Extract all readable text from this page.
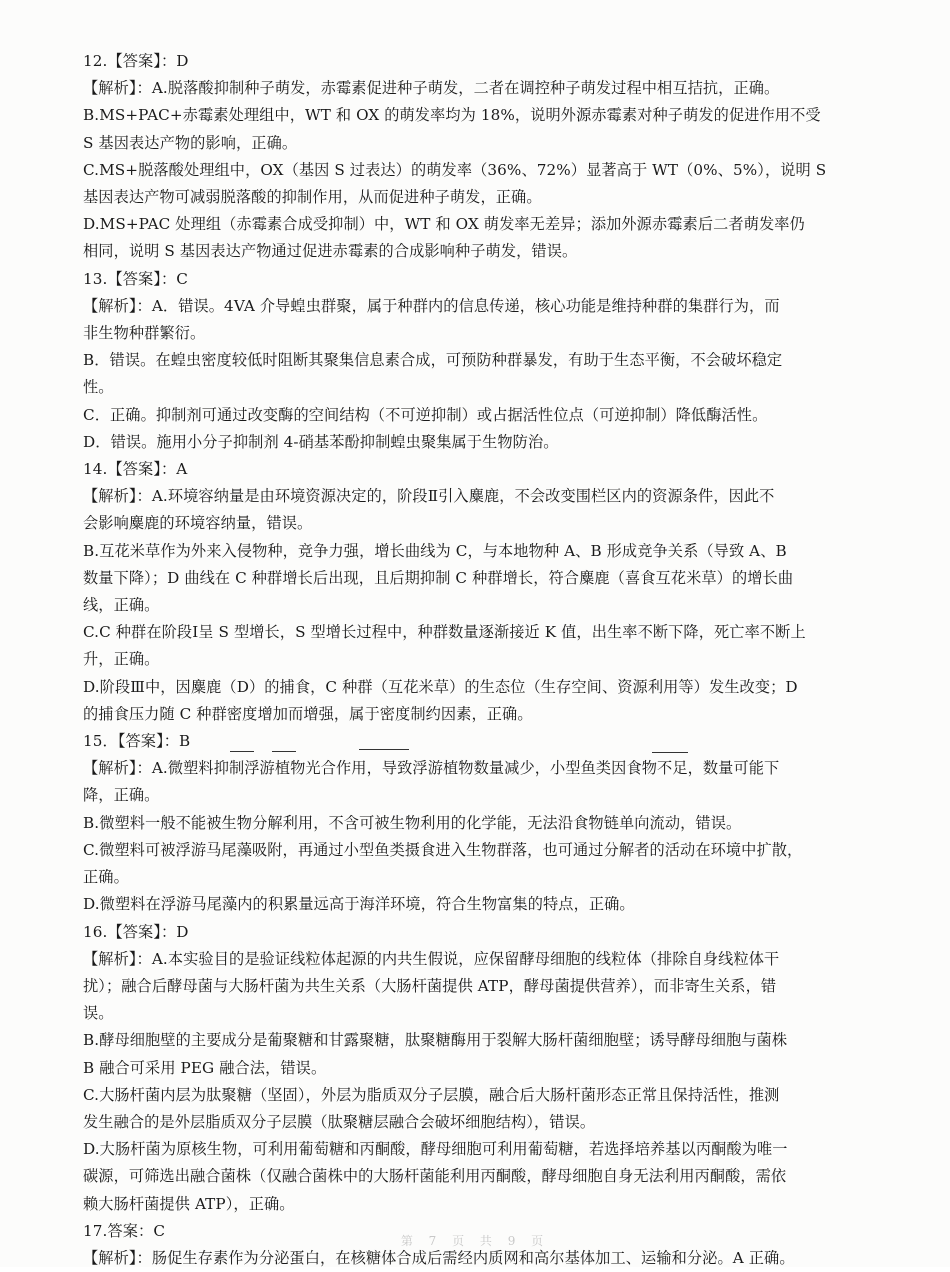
12.【答案】：D
【解析】：A.脱落酸抑制种子萌发，赤霉素促进种子萌发，二者在调控种子萌发过程中相互拮抗，正确。
B.MS+PAC+赤霉素处理组中，WT 和 OX 的萌发率均为 18%，说明外源赤霉素对种子萌发的促进作用不受
S 基因表达产物的影响，正确。
C.MS+脱落酸处理组中，OX（基因 S 过表达）的萌发率（36%、72%）显著高于 WT（0%、5%），说明 S
基因表达产物可减弱脱落酸的抑制作用，从而促进种子萌发，正确。
D.MS+PAC 处理组（赤霉素合成受抑制）中，WT 和 OX 萌发率无差异；添加外源赤霉素后二者萌发率仍
相同，说明 S 基因表达产物通过促进赤霉素的合成影响种子萌发，错误。
13.【答案】：C
【解析】：A．错误。4VA 介导蝗虫群聚，属于种群内的信息传递，核心功能是维持种群的集群行为，而
非生物种群繁衍。
B．错误。在蝗虫密度较低时阻断其聚集信息素合成，可预防种群暴发，有助于生态平衡，不会破坏稳定
性。
C．正确。抑制剂可通过改变酶的空间结构（不可逆抑制）或占据活性位点（可逆抑制）降低酶活性。
D．错误。施用小分子抑制剂 4-硝基苯酚抑制蝗虫聚集属于生物防治。
14.【答案】：A
【解析】：A.环境容纳量是由环境资源决定的，阶段Ⅱ引入麋鹿，不会改变围栏区内的资源条件，因此不
会影响麋鹿的环境容纳量，错误。
B.互花米草作为外来入侵物种，竞争力强，增长曲线为 C，与本地物种 A、B 形成竞争关系（导致 A、B
数量下降）；D 曲线在 C 种群增长后出现，且后期抑制 C 种群增长，符合麋鹿（喜食互花米草）的增长曲
线，正确。
C.C 种群在阶段Ⅰ呈 S 型增长，S 型增长过程中，种群数量逐渐接近 K 值，出生率不断下降，死亡率不断上
升，正确。
D.阶段Ⅲ中，因麋鹿（D）的捕食，C 种群（互花米草）的生态位（生存空间、资源利用等）发生改变；D
的捕食压力随 C 种群密度增加而增强，属于密度制约因素，正确。
15．【答案】：B
【解析】：A.微塑料抑制浮游植物光合作用，导致浮游植物数量减少，小型鱼类因食物不足，数量可能下
降，正确。
B.微塑料一般不能被生物分解利用，不含可被生物利用的化学能，无法沿食物链单向流动，错误。
C.微塑料可被浮游马尾藻吸附，再通过小型鱼类摄食进入生物群落，也可通过分解者的活动在环境中扩散，
正确。
D.微塑料在浮游马尾藻内的积累量远高于海洋环境，符合生物富集的特点，正确。
16.【答案】：D
【解析】：A.本实验目的是验证线粒体起源的内共生假说，应保留酵母细胞的线粒体（排除自身线粒体干
扰）；融合后酵母菌与大肠杆菌为共生关系（大肠杆菌提供 ATP，酵母菌提供营养），而非寄生关系，错
误。
B.酵母细胞壁的主要成分是葡聚糖和甘露聚糖，肽聚糖酶用于裂解大肠杆菌细胞壁；诱导酵母细胞与菌株
B 融合可采用 PEG 融合法，错误。
C.大肠杆菌内层为肽聚糖（坚固），外层为脂质双分子层膜，融合后大肠杆菌形态正常且保持活性，推测
发生融合的是外层脂质双分子层膜（肽聚糖层融合会破坏细胞结构），错误。
D.大肠杆菌为原核生物，可利用葡萄糖和丙酮酸，酵母细胞可利用葡萄糖，若选择培养基以丙酮酸为唯一
碳源，可筛选出融合菌株（仅融合菌株中的大肠杆菌能利用丙酮酸，酵母细胞自身无法利用丙酮酸，需依
赖大肠杆菌提供 ATP），正确。
17.答案：C
【解析】：肠促生存素作为分泌蛋白，在核糖体合成后需经内质网和高尔基体加工、运输和分泌。A 正确。
第 7 页 共 9 页
